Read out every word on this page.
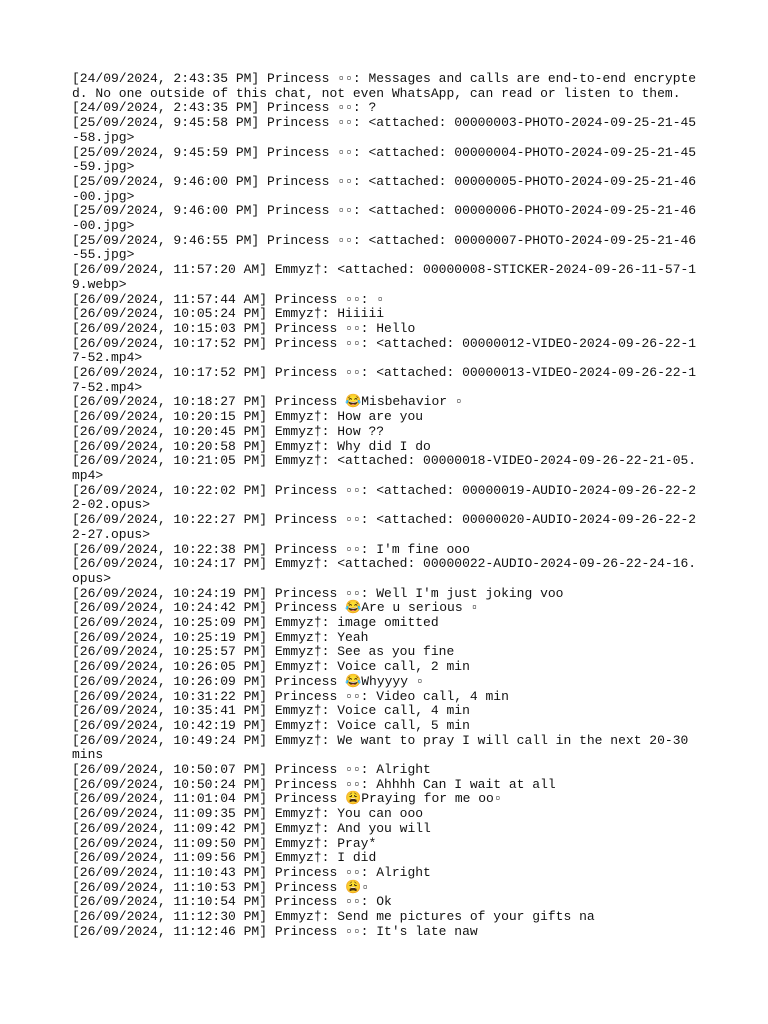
[24/09/2024, 2:43:35 PM] Princess ▫▫: Messages and calls are end-to-end encrypted. No one outside of this chat, not even WhatsApp, can read or listen to them.

[24/09/2024, 2:43:35 PM] Princess ▫▫: ?

[25/09/2024, 9:45:58 PM] Princess ▫▫: <attached: 00000003-PHOTO-2024-09-25-21-45-58.jpg>

[25/09/2024, 9:45:59 PM] Princess ▫▫: <attached: 00000004-PHOTO-2024-09-25-21-45-59.jpg>

[25/09/2024, 9:46:00 PM] Princess ▫▫: <attached: 00000005-PHOTO-2024-09-25-21-46-00.jpg>

[25/09/2024, 9:46:00 PM] Princess ▫▫: <attached: 00000006-PHOTO-2024-09-25-21-46-00.jpg>

[25/09/2024, 9:46:55 PM] Princess ▫▫: <attached: 00000007-PHOTO-2024-09-25-21-46-55.jpg>

[26/09/2024, 11:57:20 AM] Emmyz†: <attached: 00000008-STICKER-2024-09-26-11-57-19.webp>

[26/09/2024, 11:57:44 AM] Princess ▫▫: ▫

[26/09/2024, 10:05:24 PM] Emmyz†: Hiiiii

[26/09/2024, 10:15:03 PM] Princess ▫▫: Hello

[26/09/2024, 10:17:52 PM] Princess ▫▫: <attached: 00000012-VIDEO-2024-09-26-22-17-52.mp4>

[26/09/2024, 10:17:52 PM] Princess ▫▫: <attached: 00000013-VIDEO-2024-09-26-22-17-52.mp4>

[26/09/2024, 10:18:27 PM] Princess 😂Misbehavior ▫

[26/09/2024, 10:20:15 PM] Emmyz†: How are you

[26/09/2024, 10:20:45 PM] Emmyz†: How ??

[26/09/2024, 10:20:58 PM] Emmyz†: Why did I do

[26/09/2024, 10:21:05 PM] Emmyz†: <attached: 00000018-VIDEO-2024-09-26-22-21-05.mp4>

[26/09/2024, 10:22:02 PM] Princess ▫▫: <attached: 00000019-AUDIO-2024-09-26-22-22-02.opus>

[26/09/2024, 10:22:27 PM] Princess ▫▫: <attached: 00000020-AUDIO-2024-09-26-22-22-27.opus>

[26/09/2024, 10:22:38 PM] Princess ▫▫: I'm fine ooo

[26/09/2024, 10:24:17 PM] Emmyz†: <attached: 00000022-AUDIO-2024-09-26-22-24-16.opus>

[26/09/2024, 10:24:19 PM] Princess ▫▫: Well I'm just joking voo

[26/09/2024, 10:24:42 PM] Princess 😂Are u serious ▫

[26/09/2024, 10:25:09 PM] Emmyz†: image omitted

[26/09/2024, 10:25:19 PM] Emmyz†: Yeah

[26/09/2024, 10:25:57 PM] Emmyz†: See as you fine

[26/09/2024, 10:26:05 PM] Emmyz†: Voice call, 2 min

[26/09/2024, 10:26:09 PM] Princess 😂Whyyyy ▫

[26/09/2024, 10:31:22 PM] Princess ▫▫: Video call, 4 min

[26/09/2024, 10:35:41 PM] Emmyz†: Voice call, 4 min

[26/09/2024, 10:42:19 PM] Emmyz†: Voice call, 5 min

[26/09/2024, 10:49:24 PM] Emmyz†: We want to pray I will call in the next 20-30 mins

[26/09/2024, 10:50:07 PM] Princess ▫▫: Alright

[26/09/2024, 10:50:24 PM] Princess ▫▫: Ahhhh Can I wait at all

[26/09/2024, 11:01:04 PM] Princess 😩Praying for me oo▫

[26/09/2024, 11:09:35 PM] Emmyz†: You can ooo

[26/09/2024, 11:09:42 PM] Emmyz†: And you will

[26/09/2024, 11:09:50 PM] Emmyz†: Pray*

[26/09/2024, 11:09:56 PM] Emmyz†: I did

[26/09/2024, 11:10:43 PM] Princess ▫▫: Alright

[26/09/2024, 11:10:53 PM] Princess 😩▫

[26/09/2024, 11:10:54 PM] Princess ▫▫: Ok

[26/09/2024, 11:12:30 PM] Emmyz†: Send me pictures of your gifts na

[26/09/2024, 11:12:46 PM] Princess ▫▫: It's late naw
